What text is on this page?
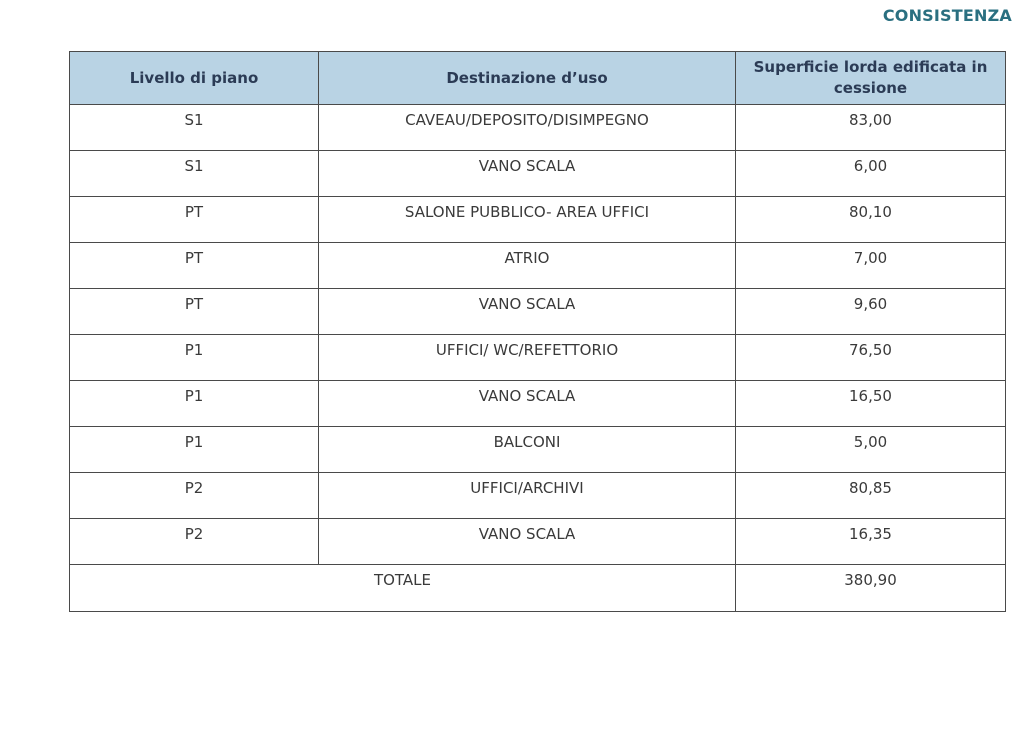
CONSISTENZA
Livello di piano	Destinazione d’uso	Superficie lorda edificata in cessione
S1	CAVEAU/DEPOSITO/DISIMPEGNO	83,00
S1	VANO SCALA	6,00
PT	SALONE PUBBLICO- AREA UFFICI	80,10
PT	ATRIO	7,00
PT	VANO SCALA	9,60
P1	UFFICI/ WC/REFETTORIO	76,50
P1	VANO SCALA	16,50
P1	BALCONI	5,00
P2	UFFICI/ARCHIVI	80,85
P2	VANO SCALA	16,35
TOTALE		380,90
